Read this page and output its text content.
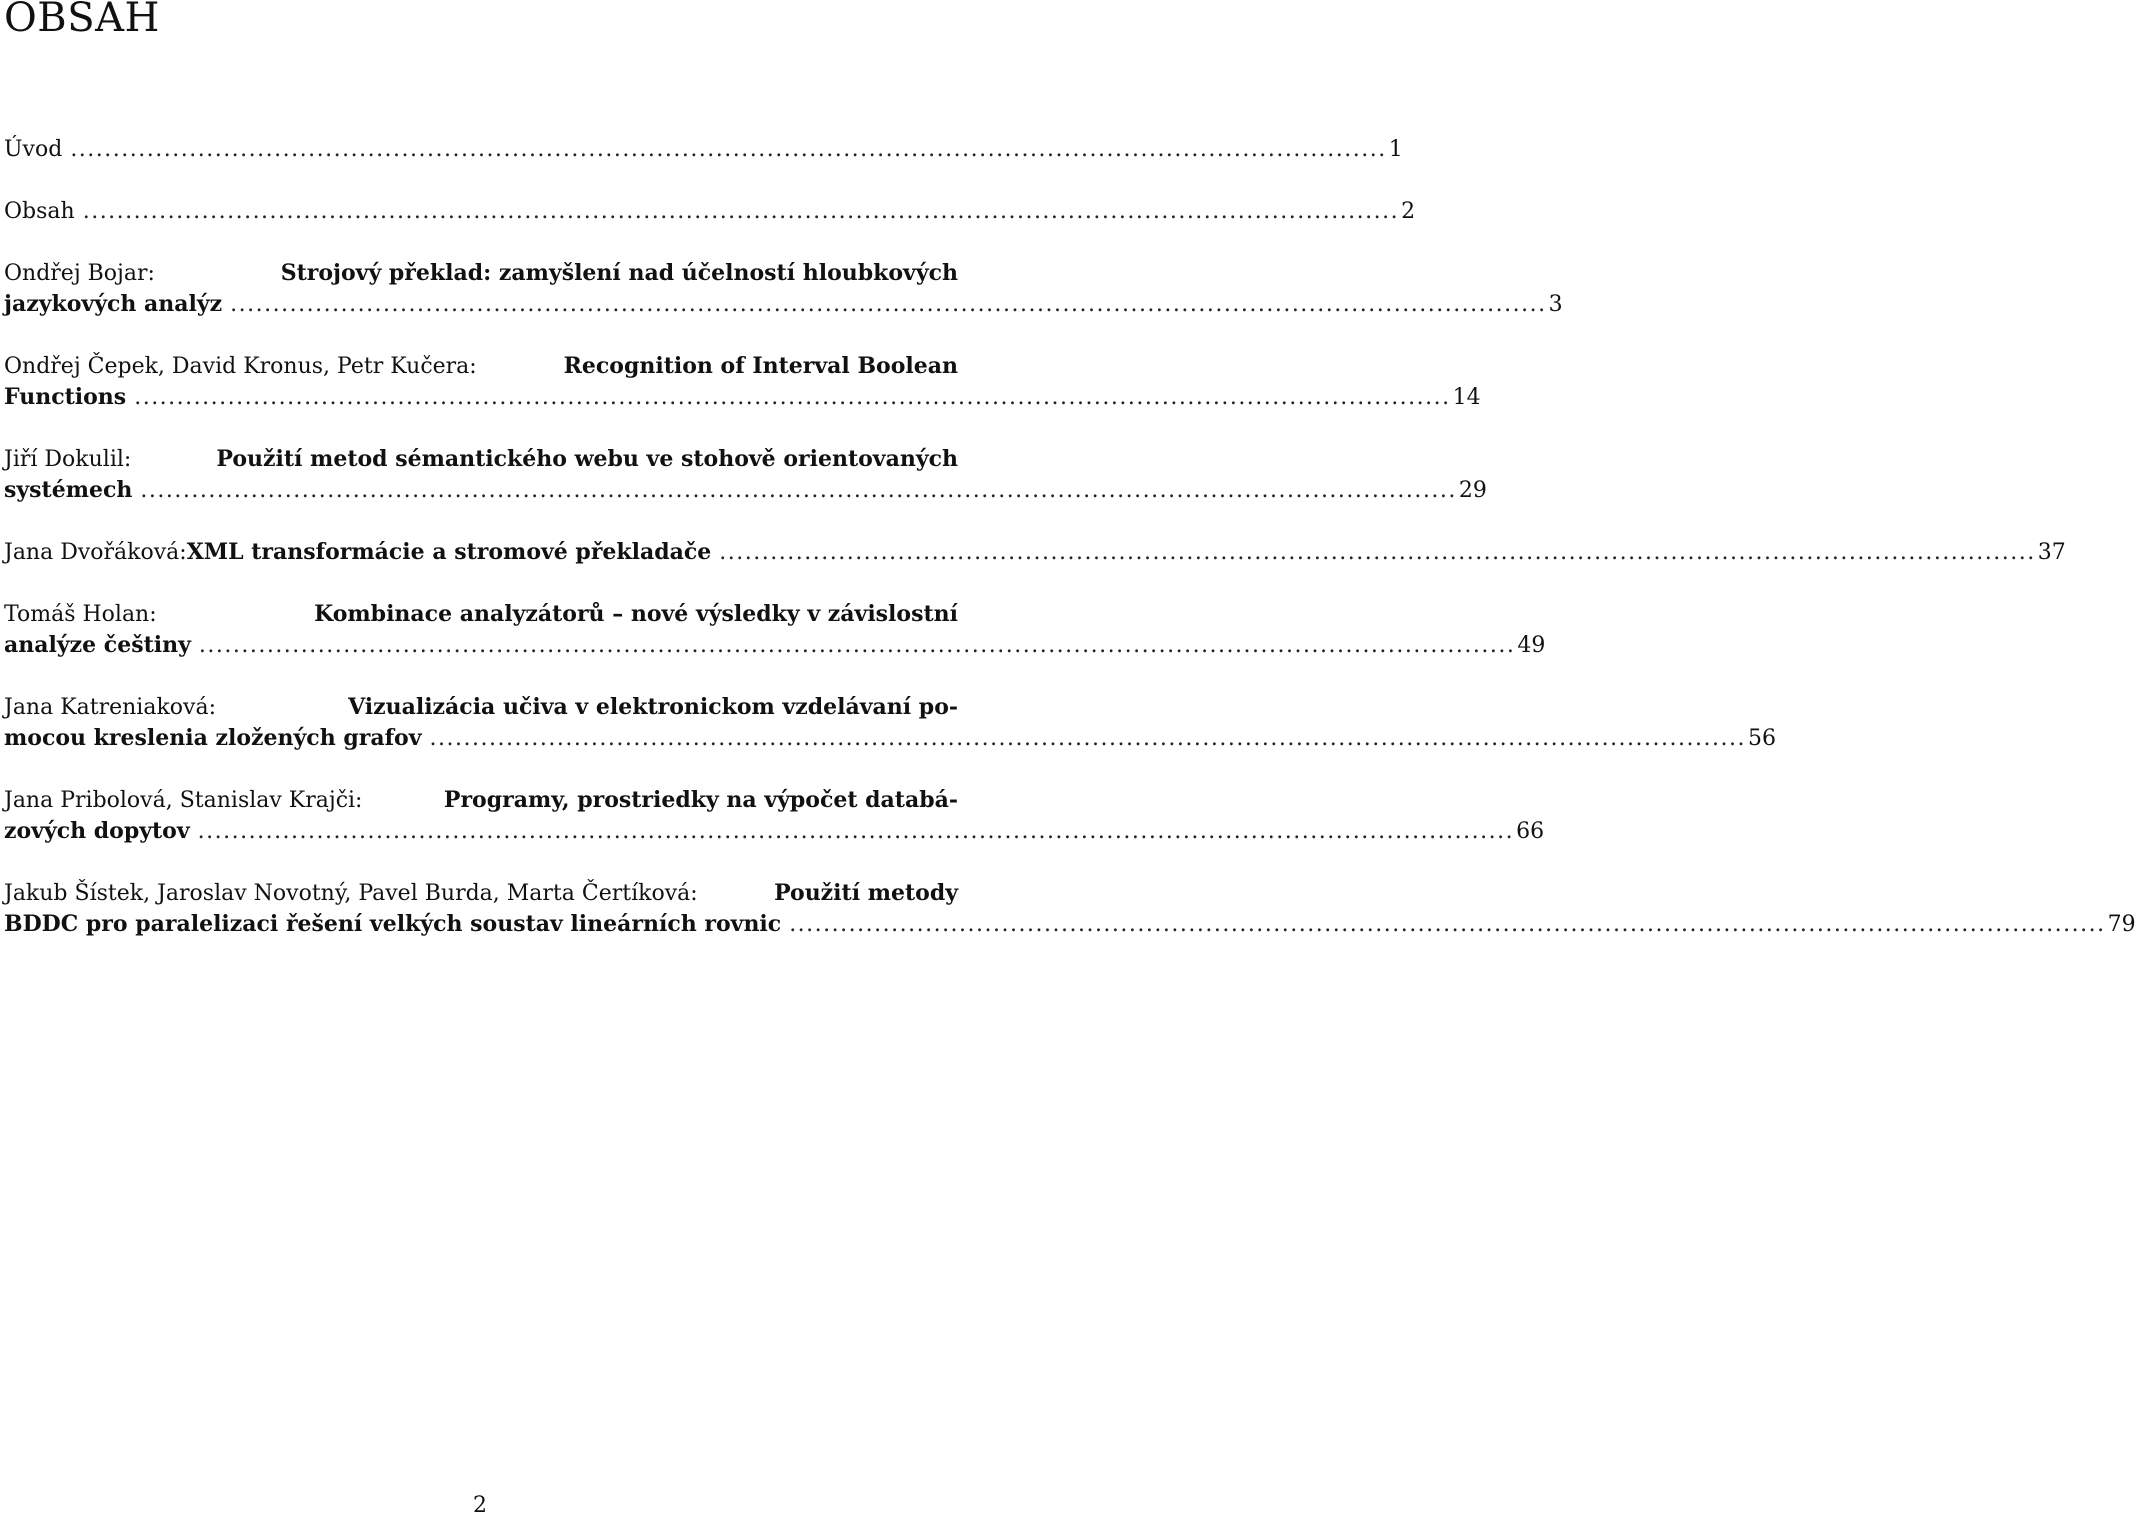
OBSAH
Úvod ........................................................................................................................................................... 1
Obsah ........................................................................................................................................................... 2
Ondřej Bojar:	Strojový překlad: zamyšlení nad účelností hloubkových
jazykových analýz ........................................................................................................................................................... 3
Ondřej Čepek, David Kronus, Petr Kučera:	Recognition of Interval Boolean
Functions ........................................................................................................................................................... 14
Jiří Dokulil:	Použití metod sémantického webu ve stohově orientovaných
systémech ........................................................................................................................................................... 29
Jana Dvořáková: XML transformácie a stromové překladače ........................................................................................................................................................... 37
Tomáš Holan:	Kombinace analyzátorů – nové výsledky v závislostní
analýze češtiny ........................................................................................................................................................... 49
Jana Katreniaková:	Vizualizácia učiva v elektronickom vzdelávaní po-
mocou kreslenia zložených grafov ........................................................................................................................................................... 56
Jana Pribolová, Stanislav Krajči:	Programy, prostriedky na výpočet databá-
zových dopytov ........................................................................................................................................................... 66
Jakub Šístek, Jaroslav Novotný, Pavel Burda, Marta Čertíková:	Použití metody
BDDC pro paralelizaci řešení velkých soustav lineárních rovnic ........................................................................................................................................................... 79
2
